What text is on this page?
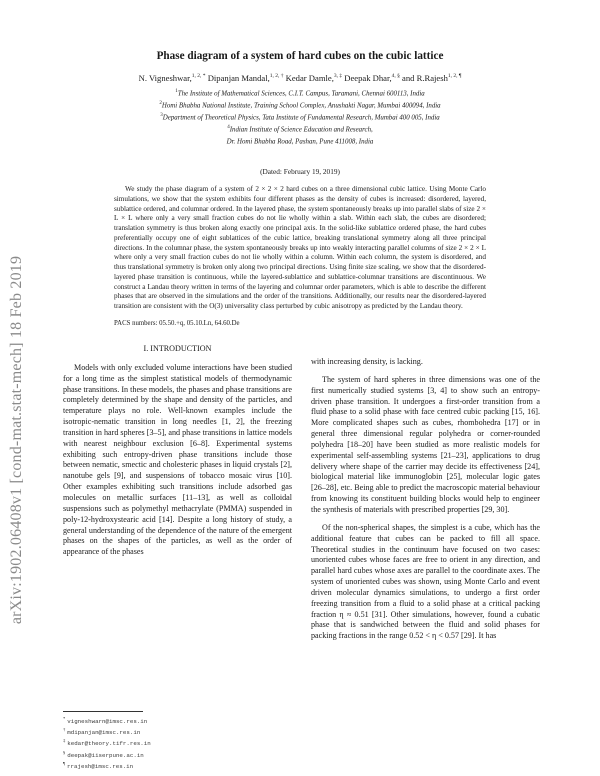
arXiv:1902.06408v1 [cond-mat.stat-mech] 18 Feb 2019
Phase diagram of a system of hard cubes on the cubic lattice
N. Vigneshwar,$^{1, 2, *}$ Dipanjan Mandal,$^{1, 2, \dagger}$ Kedar Damle,$^{3, \ddagger}$ Deepak Dhar,$^{4, \S}$ and R.Rajesh$^{1, 2, \P}$
$^1$The Institute of Mathematical Sciences, C.I.T. Campus, Taramani, Chennai 600113, India
$^2$Homi Bhabha National Institute, Training School Complex, Anushakti Nagar, Mumbai 400094, India
$^3$Department of Theoretical Physics, Tata Institute of Fundamental Research, Mumbai 400 005, India
$^4$Indian Institute of Science Education and Research,
Dr. Homi Bhabha Road, Pashan, Pune 411008, India
(Dated: February 19, 2019)
We study the phase diagram of a system of 2 × 2 × 2 hard cubes on a three dimensional cubic lattice. Using Monte Carlo simulations, we show that the system exhibits four different phases as the density of cubes is increased: disordered, layered, sublattice ordered, and columnar ordered. In the layered phase, the system spontaneously breaks up into parallel slabs of size 2 × L × L where only a very small fraction cubes do not lie wholly within a slab. Within each slab, the cubes are disordered; translation symmetry is thus broken along exactly one principal axis. In the solid-like sublattice ordered phase, the hard cubes preferentially occupy one of eight sublattices of the cubic lattice, breaking translational symmetry along all three principal directions. In the columnar phase, the system spontaneously breaks up into weakly interacting parallel columns of size 2 × 2 × L where only a very small fraction cubes do not lie wholly within a column. Within each column, the system is disordered, and thus translational symmetry is broken only along two principal directions. Using finite size scaling, we show that the disordered-layered phase transition is continuous, while the layered-sublattice and sublattice-columnar transitions are discontinuous. We construct a Landau theory written in terms of the layering and columnar order parameters, which is able to describe the different phases that are observed in the simulations and the order of the transitions. Additionally, our results near the disordered-layered transition are consistent with the O(3) universality class perturbed by cubic anisotropy as predicted by the Landau theory.
PACS numbers: 05.50.+q, 05.10.Ln, 64.60.De
I. INTRODUCTION

Models with only excluded volume interactions have been studied for a long time as the simplest statistical models of thermodynamic phase transitions. In these models, the phases and phase transitions are completely determined by the shape and density of the particles, and temperature plays no role. Well-known examples include the isotropic-nematic transition in long needles [1, 2], the freezing transition in hard spheres [3–5], and phase transitions in lattice models with nearest neighbour exclusion [6–8]. Experimental systems exhibiting such entropy-driven phase transitions include those between nematic, smectic and cholesteric phases in liquid crystals [2], nanotube gels [9], and suspensions of tobacco mosaic virus [10]. Other examples exhibiting such transitions include adsorbed gas molecules on metallic surfaces [11–13], as well as colloidal suspensions such as polymethyl methacrylate (PMMA) suspended in poly-12-hydroxystearic acid [14]. Despite a long history of study, a general understanding of the dependence of the nature of the emergent phases on the shapes of the particles, as well as the order of appearance of the phases

with increasing density, is lacking.

The system of hard spheres in three dimensions was one of the first numerically studied systems [3, 4] to show such an entropy-driven phase transition. It undergoes a first-order transition from a fluid phase to a solid phase with face centred cubic packing [15, 16]. More complicated shapes such as cubes, rhombohedra [17] or in general three dimensional regular polyhedra or corner-rounded polyhedra [18–20] have been studied as more realistic models for experimental self-assembling systems [21–23], applications to drug delivery where shape of the carrier may decide its effectiveness [24], biological material like immunoglobin [25], molecular logic gates [26–28], etc. Being able to predict the macroscopic material behaviour from knowing its constituent building blocks would help to engineer the synthesis of materials with prescribed properties [29, 30].

Of the non-spherical shapes, the simplest is a cube, which has the additional feature that cubes can be packed to fill all space. Theoretical studies in the continuum have focused on two cases: unoriented cubes whose faces are free to orient in any direction, and parallel hard cubes whose axes are parallel to the coordinate axes. The system of unoriented cubes was shown, using Monte Carlo and event driven molecular dynamics simulations, to undergo a first order freezing transition from a fluid to a solid phase at a critical packing fraction η ≈ 0.51 [31]. Other simulations, however, found a cubatic phase that is sandwiched between the fluid and solid phases for packing fractions in the range 0.52 < η < 0.57 [29]. It has

* vigneshwarn@imsc.res.in
† mdipanjan@imsc.res.in
‡ kedar@theory.tifr.res.in
§ deepak@iiserpune.ac.in
¶ rrajesh@imsc.res.in
